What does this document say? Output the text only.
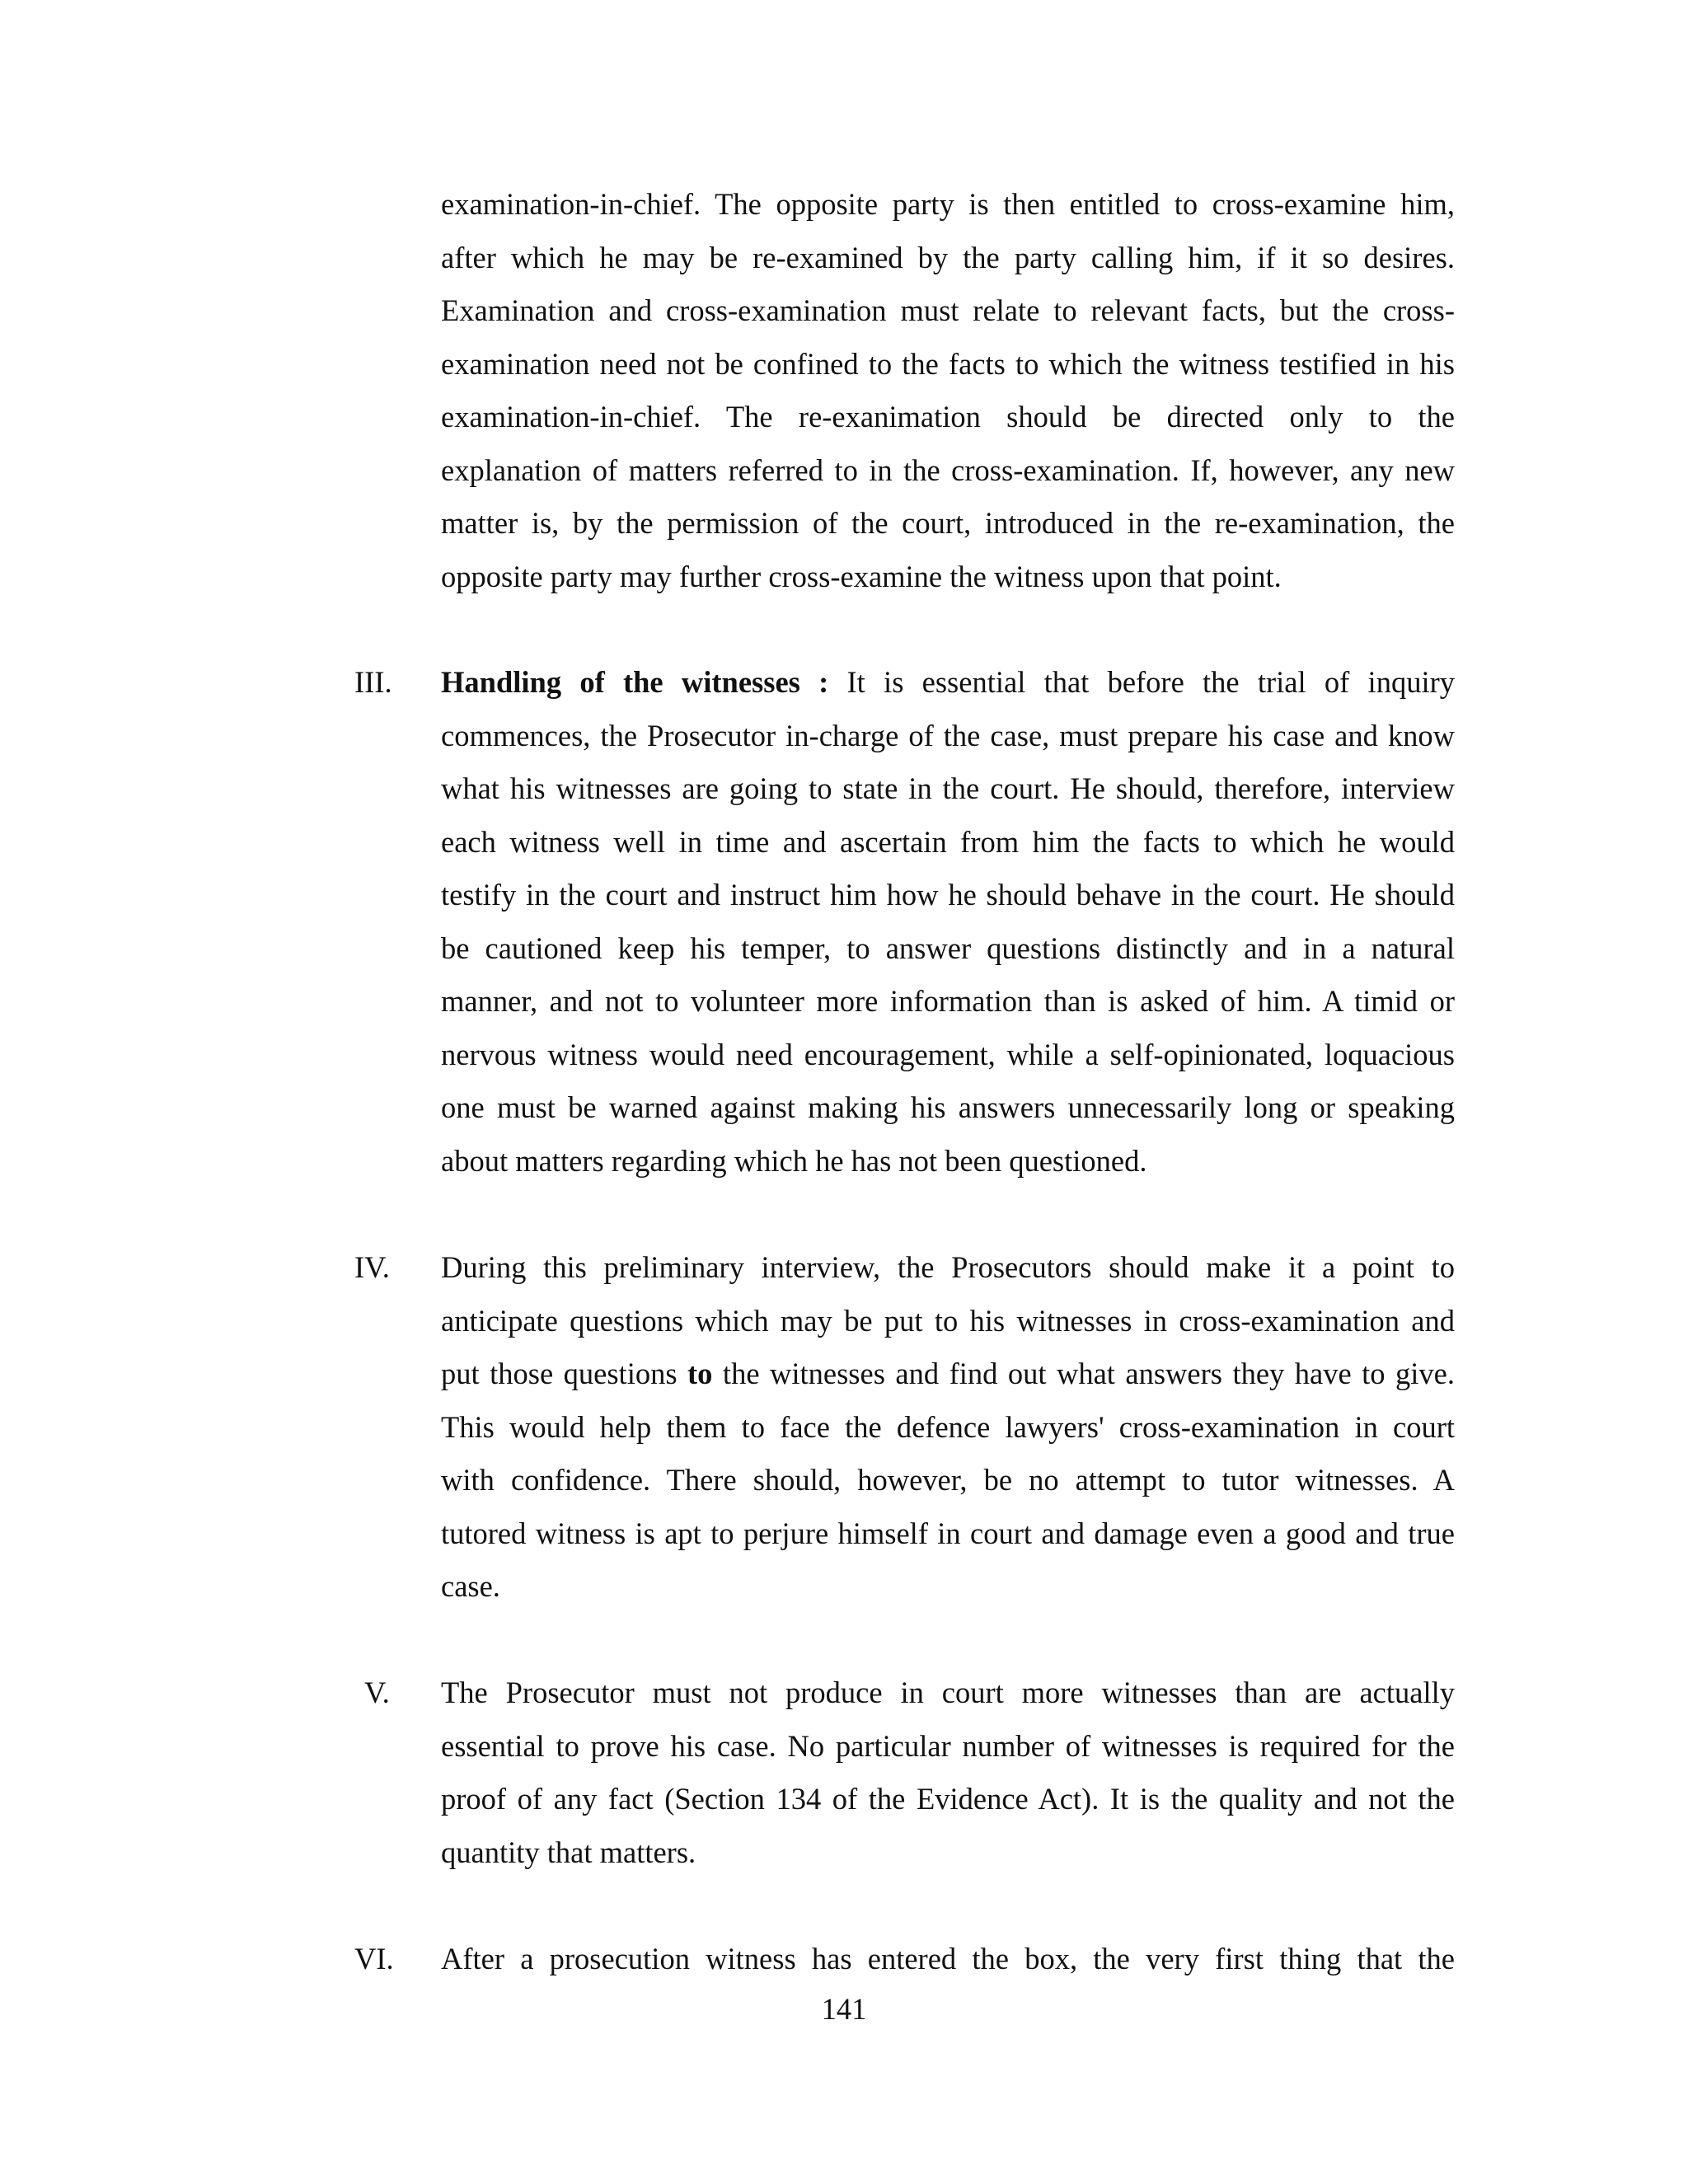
examination-in-chief. The opposite party is then entitled to cross-examine him,
after which he may be re-examined by the party calling him, if it so desires.
Examination and cross-examination must relate to relevant facts, but the cross-
examination need not be confined to the facts to which the witness testified in his
examination-in-chief. The re-exanimation should be directed only to the
explanation of matters referred to in the cross-examination. If, however, any new
matter is, by the permission of the court, introduced in the re-examination, the
opposite party may further cross-examine the witness upon that point.
III.	Handling of the witnesses : It is essential that before the trial of inquiry
commences, the Prosecutor in-charge of the case, must prepare his case and know
what his witnesses are going to state in the court. He should, therefore, interview
each witness well in time and ascertain from him the facts to which he would
testify in the court and instruct him how he should behave in the court. He should
be cautioned keep his temper, to answer questions distinctly and in a natural
manner, and not to volunteer more information than is asked of him. A timid or
nervous witness would need encouragement, while a self-opinionated, loquacious
one must be warned against making his answers unnecessarily long or speaking
about matters regarding which he has not been questioned.
IV.	During this preliminary interview, the Prosecutors should make it a point to
anticipate questions which may be put to his witnesses in cross-examination and
put those questions to the witnesses and find out what answers they have to give.
This would help them to face the defence lawyers' cross-examination in court
with confidence. There should, however, be no attempt to tutor witnesses. A
tutored witness is apt to perjure himself in court and damage even a good and true
case.
V.	The Prosecutor must not produce in court more witnesses than are actually
essential to prove his case. No particular number of witnesses is required for the
proof of any fact (Section 134 of the Evidence Act). It is the quality and not the
quantity that matters.
VI.	After a prosecution witness has entered the box, the very first thing that the
141
